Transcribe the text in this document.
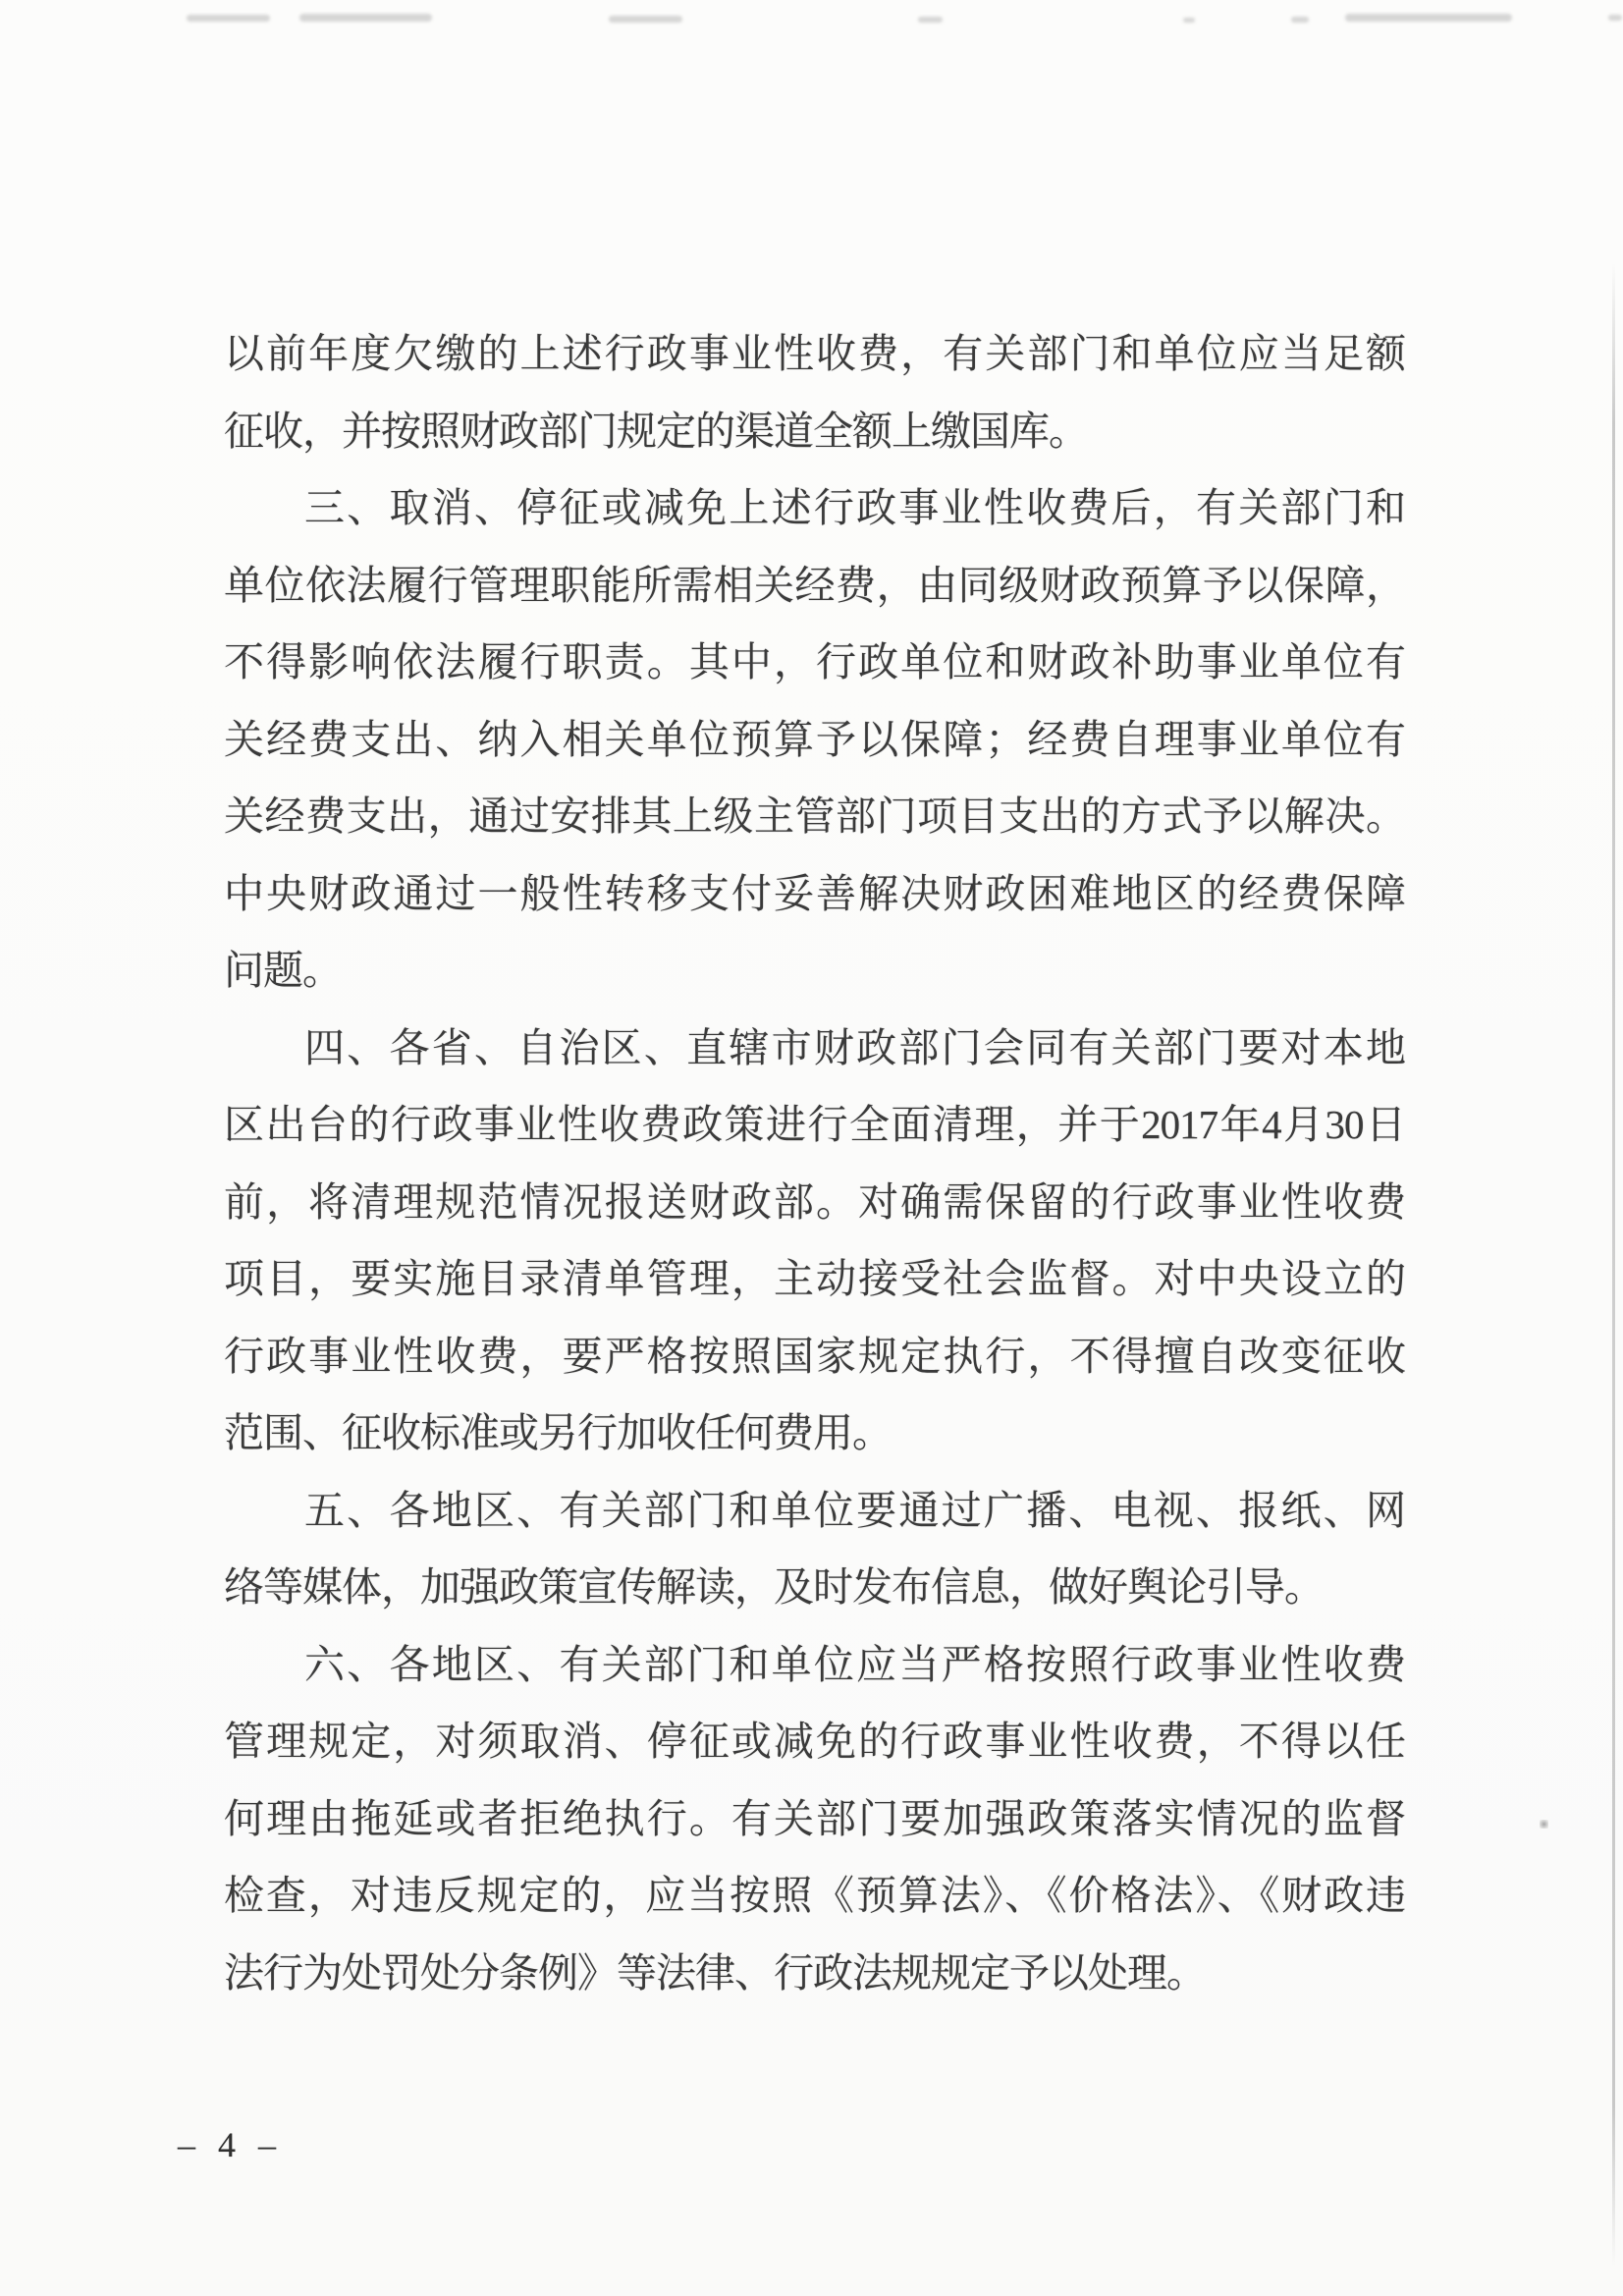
以前年度欠缴的上述行政事业性收费，有关部门和单位应当足额
征收，并按照财政部门规定的渠道全额上缴国库。
三、取消、停征或减免上述行政事业性收费后，有关部门和
单位依法履行管理职能所需相关经费，由同级财政预算予以保障，
不得影响依法履行职责。其中，行政单位和财政补助事业单位有
关经费支出、纳入相关单位预算予以保障；经费自理事业单位有
关经费支出，通过安排其上级主管部门项目支出的方式予以解决。
中央财政通过一般性转移支付妥善解决财政困难地区的经费保障
问题。
四、各省、自治区、直辖市财政部门会同有关部门要对本地
区出台的行政事业性收费政策进行全面清理，并于2017年4月30日
前，将清理规范情况报送财政部。对确需保留的行政事业性收费
项目，要实施目录清单管理，主动接受社会监督。对中央设立的
行政事业性收费，要严格按照国家规定执行，不得擅自改变征收
范围、征收标准或另行加收任何费用。
五、各地区、有关部门和单位要通过广播、电视、报纸、网
络等媒体，加强政策宣传解读，及时发布信息，做好舆论引导。
六、各地区、有关部门和单位应当严格按照行政事业性收费
管理规定，对须取消、停征或减免的行政事业性收费，不得以任
何理由拖延或者拒绝执行。有关部门要加强政策落实情况的监督
检查，对违反规定的，应当按照《预算法》、《价格法》、《财政违
法行为处罚处分条例》等法律、行政法规规定予以处理。
– 4 –
